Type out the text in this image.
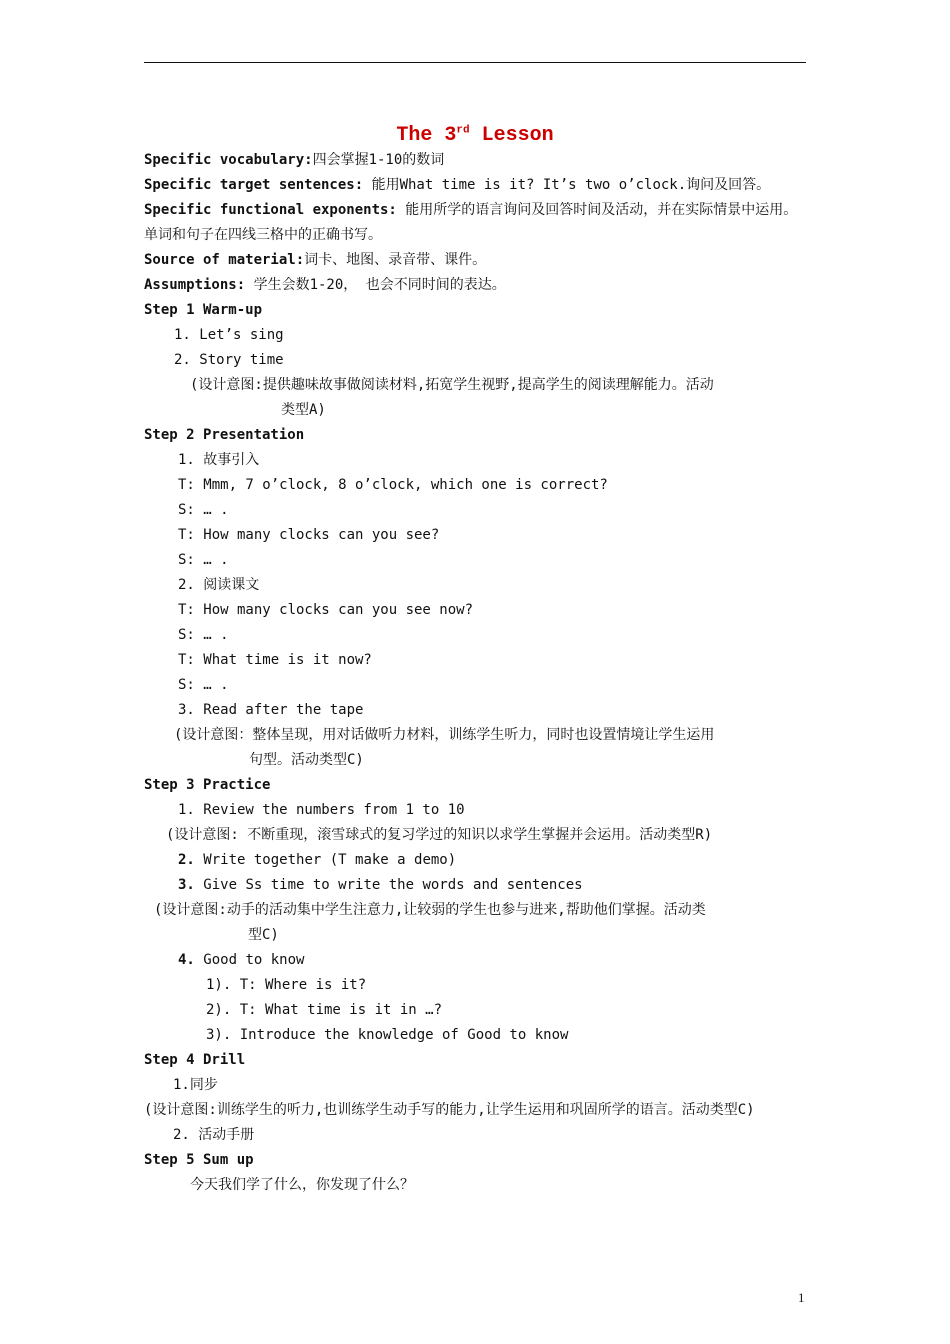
The 3rd Lesson
Specific vocabulary:四会掌握1-10的数词
Specific target sentences: 能用What time is it? It’s two o’clock.询问及回答。
Specific functional exponents: 能用所学的语言询问及回答时间及活动，并在实际情景中运用。单词和句子在四线三格中的正确书写。
Source of material:词卡、地图、录音带、课件。
Assumptions: 学生会数1-20， 也会不同时间的表达。
Step 1 Warm-up
1. Let’s sing
2. Story time
(设计意图:提供趣味故事做阅读材料,拓宽学生视野,提高学生的阅读理解能力。活动
类型A)
Step 2 Presentation
1. 故事引入
T: Mmm, 7 o’clock, 8 o’clock, which one is correct?
S: … .
T: How many clocks can you see?
S: … .
2. 阅读课文
T: How many clocks can you see now?
S: … .
T: What time is it now?
S: … .
3. Read after the tape
(设计意图：整体呈现，用对话做听力材料，训练学生听力，同时也设置情境让学生运用
句型。活动类型C)
Step 3 Practice
1. Review the numbers from 1 to 10
(设计意图: 不断重现，滚雪球式的复习学过的知识以求学生掌握并会运用。活动类型R)
2. Write together (T make a demo)
3. Give Ss time to write the words and sentences
(设计意图:动手的活动集中学生注意力,让较弱的学生也参与进来,帮助他们掌握。活动类
型C)
4. Good to know
1). T: Where is it?
2). T: What time is it in …?
3). Introduce the knowledge of Good to know
Step 4 Drill
1.同步
(设计意图:训练学生的听力,也训练学生动手写的能力,让学生运用和巩固所学的语言。活动类型C)
2. 活动手册
Step 5 Sum up
今天我们学了什么，你发现了什么？
1
